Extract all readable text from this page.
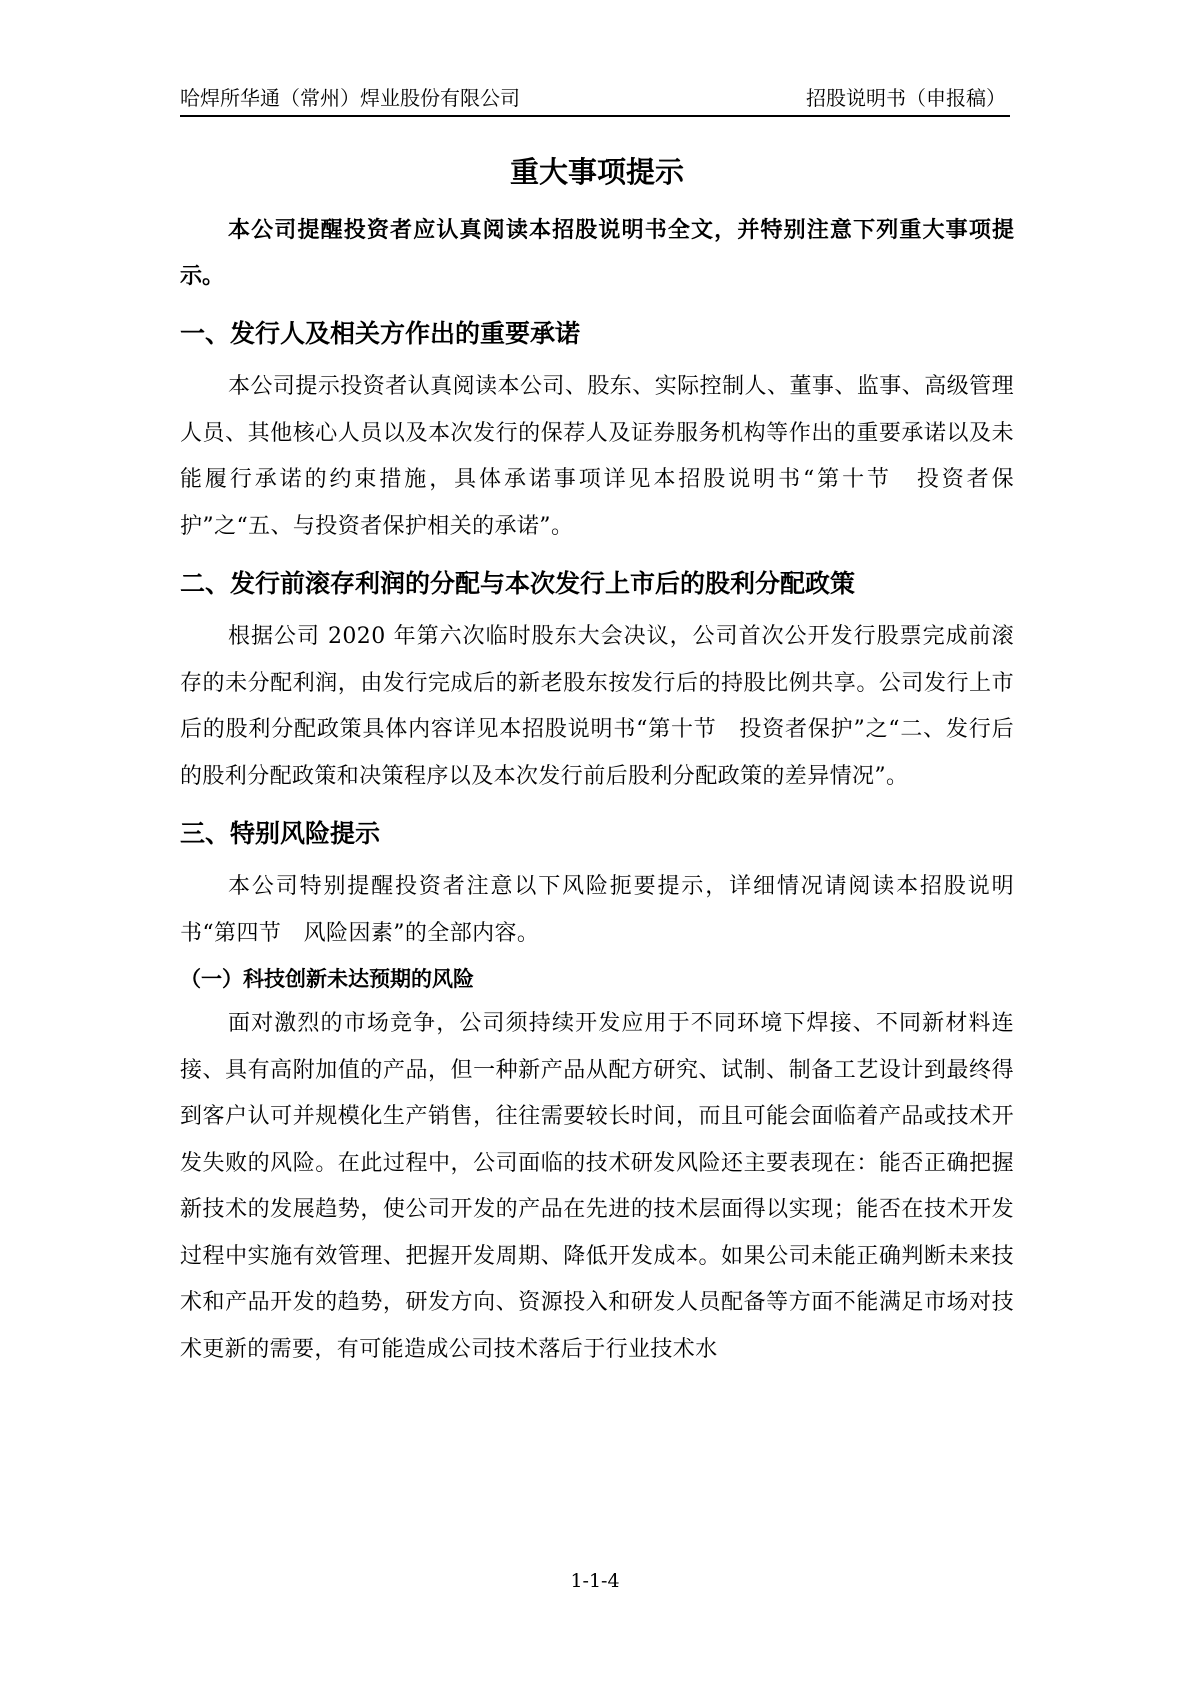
哈焊所华通（常州）焊业股份有限公司	招股说明书（申报稿）
重大事项提示

本公司提醒投资者应认真阅读本招股说明书全文，并特别注意下列重大事项提示。

一、发行人及相关方作出的重要承诺

本公司提示投资者认真阅读本公司、股东、实际控制人、董事、监事、高级管理人员、其他核心人员以及本次发行的保荐人及证券服务机构等作出的重要承诺以及未能履行承诺的约束措施，具体承诺事项详见本招股说明书“第十节　投资者保护”之“五、与投资者保护相关的承诺”。

二、发行前滚存利润的分配与本次发行上市后的股利分配政策

根据公司 2020 年第六次临时股东大会决议，公司首次公开发行股票完成前滚存的未分配利润，由发行完成后的新老股东按发行后的持股比例共享。公司发行上市后的股利分配政策具体内容详见本招股说明书“第十节　投资者保护”之“二、发行后的股利分配政策和决策程序以及本次发行前后股利分配政策的差异情况”。

三、特别风险提示

本公司特别提醒投资者注意以下风险扼要提示，详细情况请阅读本招股说明书“第四节　风险因素”的全部内容。

（一）科技创新未达预期的风险

面对激烈的市场竞争，公司须持续开发应用于不同环境下焊接、不同新材料连接、具有高附加值的产品，但一种新产品从配方研究、试制、制备工艺设计到最终得到客户认可并规模化生产销售，往往需要较长时间，而且可能会面临着产品或技术开发失败的风险。在此过程中，公司面临的技术研发风险还主要表现在：能否正确把握新技术的发展趋势，使公司开发的产品在先进的技术层面得以实现；能否在技术开发过程中实施有效管理、把握开发周期、降低开发成本。如果公司未能正确判断未来技术和产品开发的趋势，研发方向、资源投入和研发人员配备等方面不能满足市场对技术更新的需要，有可能造成公司技术落后于行业技术水

1-1-4
